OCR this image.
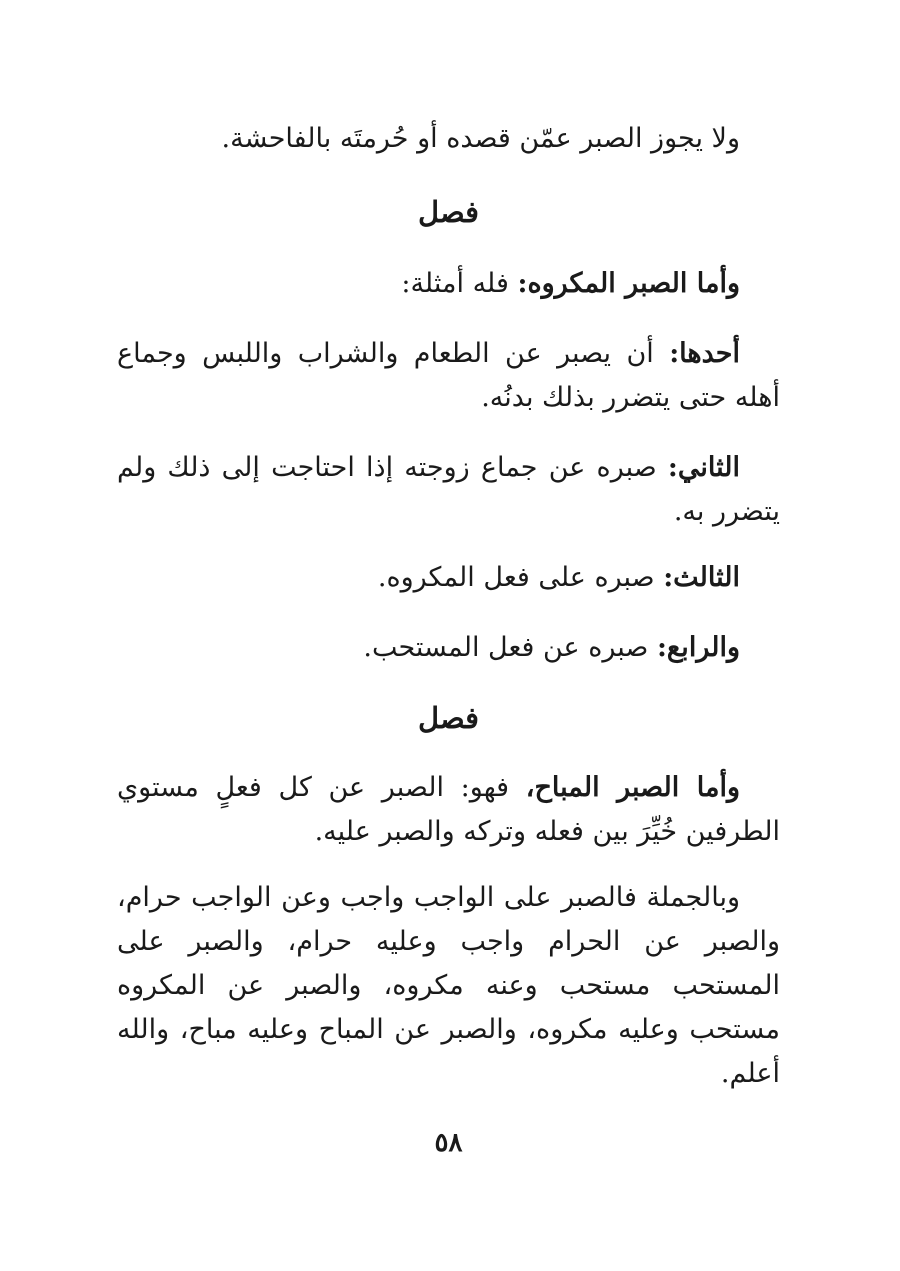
ولا يجوز الصبر عمّن قصده أو حُرمتَه بالفاحشة.

فصل

وأما الصبر المكروه: فله أمثلة:

أحدها: أن يصبر عن الطعام والشراب واللبس وجماع أهله حتى يتضرر بذلك بدنُه.

الثاني: صبره عن جماع زوجته إذا احتاجت إلى ذلك ولم يتضرر به.

الثالث: صبره على فعل المكروه.

والرابع: صبره عن فعل المستحب.

فصل

وأما الصبر المباح، فهو: الصبر عن كل فعلٍ مستوي الطرفين خُيِّرَ بين فعله وتركه والصبر عليه.

وبالجملة فالصبر على الواجب واجب وعن الواجب حرام، والصبر عن الحرام واجب وعليه حرام، والصبر على المستحب مستحب وعنه مكروه، والصبر عن المكروه مستحب وعليه مكروه، والصبر عن المباح وعليه مباح، والله أعلم.

٥٨
